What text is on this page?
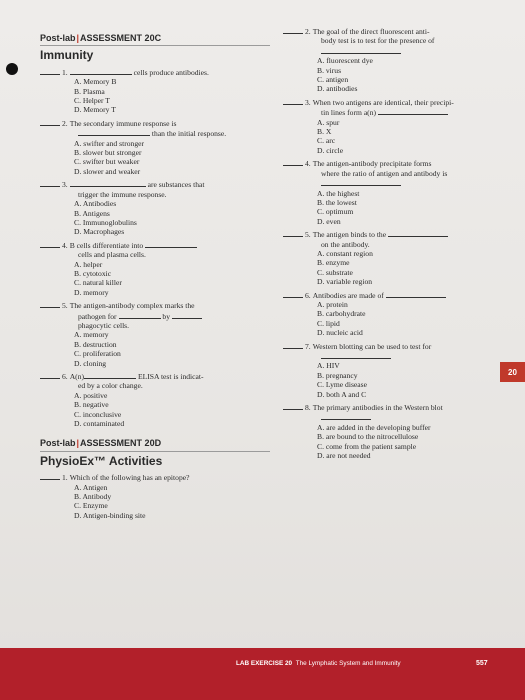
Post-lab|ASSESSMENT 20C
Immunity
1.
	cells produce antibodies.
A. Memory B
B. Plasma
C. Helper T
D. Memory T
2. The secondary immune response is

than the initial response.
A. swifter and stronger
B. slower but stronger
C. swifter but weaker
D. slower and weaker
3.
	are substances that
trigger the immune response.
A. Antibodies
B. Antigens
C. Immunoglobulins
D. Macrophages
4. B cells differentiate into

cells and plasma cells.
A. helper
B. cytotoxic
C. natural killer
D. memory
5. The antigen-antibody complex marks the
pathogen for

	by

phagocytic cells.
A. memory
B. destruction
C. proliferation
D. cloning
6. A(n)
	ELISA test is indicat-
ed by a color change.
A. positive
B. negative
C. inconclusive
D. contaminated
Post-lab|ASSESSMENT 20D
PhysioEx™ Activities
1. Which of the following has an epitope?
A. Antigen
B. Antibody
C. Enzyme
D. Antigen-binding site
2. The goal of the direct fluorescent anti-
body test is to test for the presence of
A. fluorescent dye
B. virus
C. antigen
D. antibodies
3. When two antigens are identical, their precipi-
tin lines form a(n)

A. spur
B. X
C. arc
D. circle
4. The antigen-antibody precipitate forms
where the ratio of antigen and antibody is
A. the highest
B. the lowest
C. optimum
D. even
5. The antigen binds to the

on the antibody.
A. constant region
B. enzyme
C. substrate
D. variable region
6. Antibodies are made of

A. protein
B. carbohydrate
C. lipid
D. nucleic acid
7. Western blotting can be used to test for
A. HIV
B. pregnancy
C. Lyme disease
D. both A and C
8. The primary antibodies in the Western blot
A. are added in the developing buffer
B. are bound to the nitrocellulose
C. come from the patient sample
D. are not needed
20
LAB EXERCISE 20 The Lymphatic System and Immunity	557
